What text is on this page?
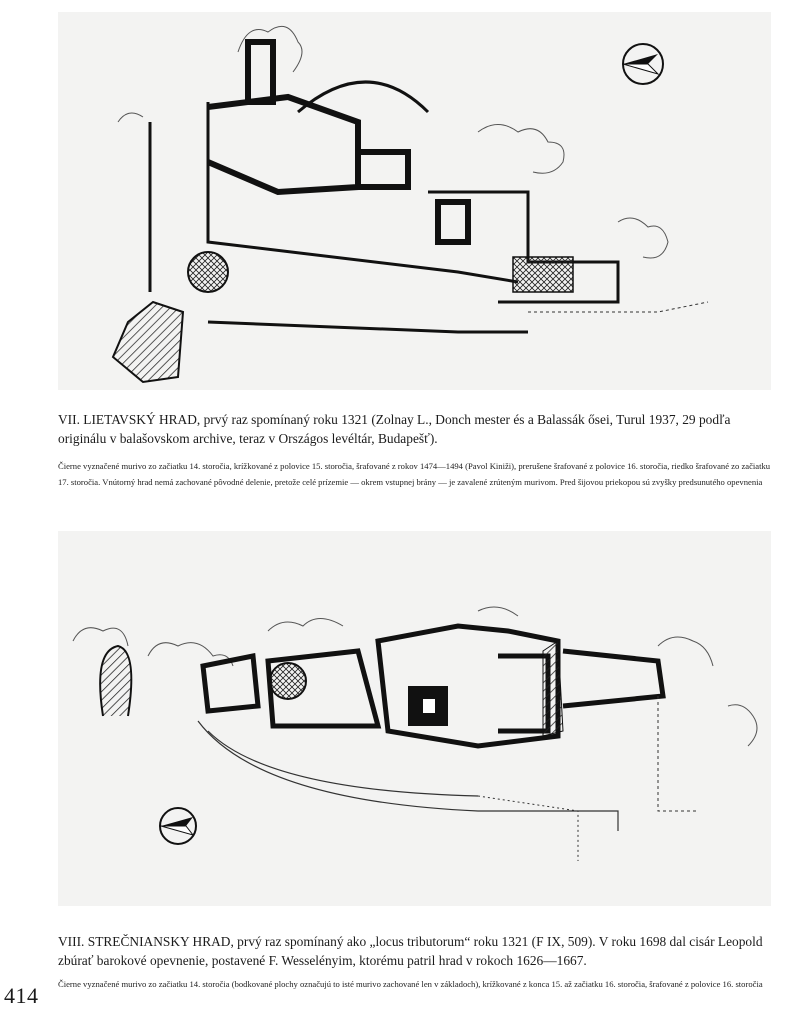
VII. LIETAVSKÝ HRAD, prvý raz spomínaný roku 1321 (Zolnay L., Donch mester és a Balassák ősei, Turul 1937, 29 podľa originálu v balašovskom archive, teraz v Országos levéltár, Budapešť).
Čierne vyznačené murivo zo začiatku 14. storočia, krížkované z polovice 15. storočia, šrafované z rokov 1474—1494 (Pavol Kiniži), prerušene šrafované z polovice 16. storočia, riedko šrafované zo začiatku 17. storočia. Vnútorný hrad nemá zachované pôvodné delenie, pretože celé prízemie — okrem vstupnej brány — je zavalené zrúteným murivom. Pred šijovou priekopou sú zvyšky predsunutého opevnenia
VIII. STREČNIANSKY HRAD, prvý raz spomínaný ako „locus tributorum“ roku 1321 (F IX, 509). V roku 1698 dal cisár Leopold zbúrať barokové opevnenie, postavené F. Wesselényim, ktorému patril hrad v rokoch 1626—1667.
Čierne vyznačené murivo zo začiatku 14. storočia (bodkované plochy označujú to isté murivo zachované len v základoch), krížkované z konca 15. až začiatku 16. storočia, šrafované z polovice 16. storočia
414
